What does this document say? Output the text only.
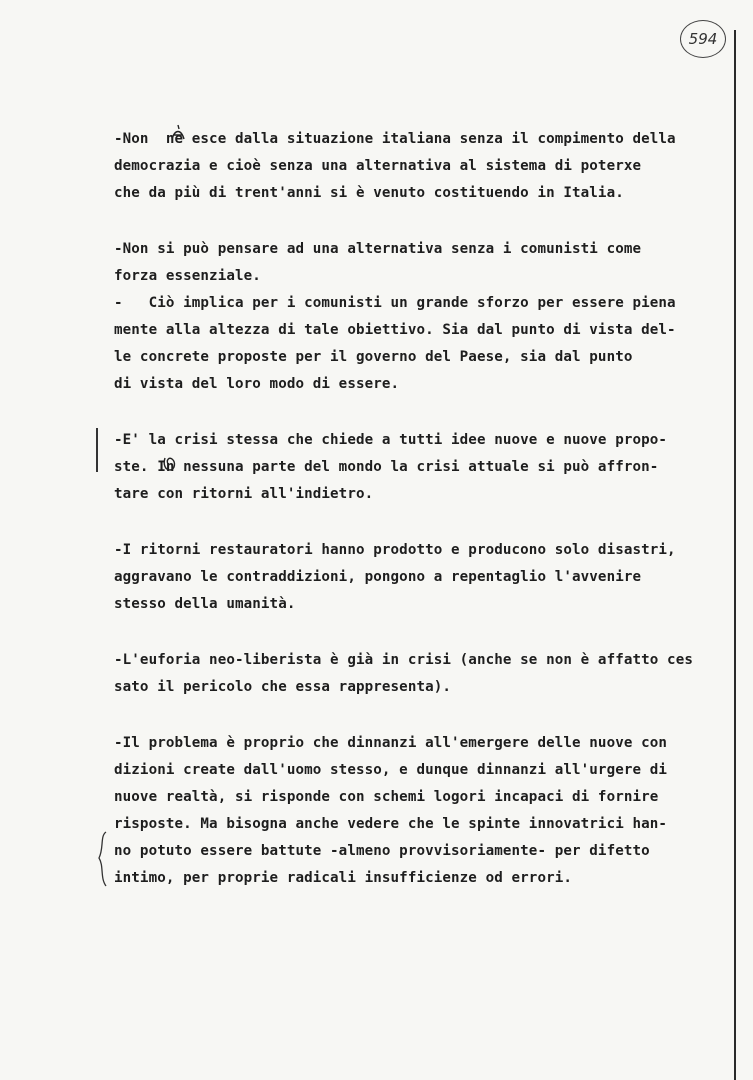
594
-Non  ne esce dalla situazione italiana senza il compimento della
democrazia e cioè senza una alternativa al sistema di poterxe
che da più di trent'anni si è venuto costituendo in Italia.
-Non si può pensare ad una alternativa senza i comunisti come
forza essenziale.
-   Ciò implica per i comunisti un grande sforzo per essere piena
mente alla altezza di tale obiettivo. Sia dal punto di vista del-
le concrete proposte per il governo del Paese, sia dal punto
di vista del loro modo di essere.
-E' la crisi stessa che chiede a tutti idee nuove e nuove propo-
ste. In nessuna parte del mondo la crisi attuale si può affron-
tare con ritorni all'indietro.
-I ritorni restauratori hanno prodotto e producono solo disastri,
aggravano le contraddizioni, pongono a repentaglio l'avvenire
stesso della umanità.
-L'euforia neo-liberista è già in crisi (anche se non è affatto ces
sato il pericolo che essa rappresenta).
-Il problema è proprio che dinnanzi all'emergere delle nuove con
dizioni create dall'uomo stesso, e dunque dinnanzi all'urgere di
nuove realtà, si risponde con schemi logori incapaci di fornire
risposte. Ma bisogna anche vedere che le spinte innovatrici han-
no potuto essere battute -almeno provvisoriamente- per difetto
intimo, per proprie radicali insufficienze od errori.
